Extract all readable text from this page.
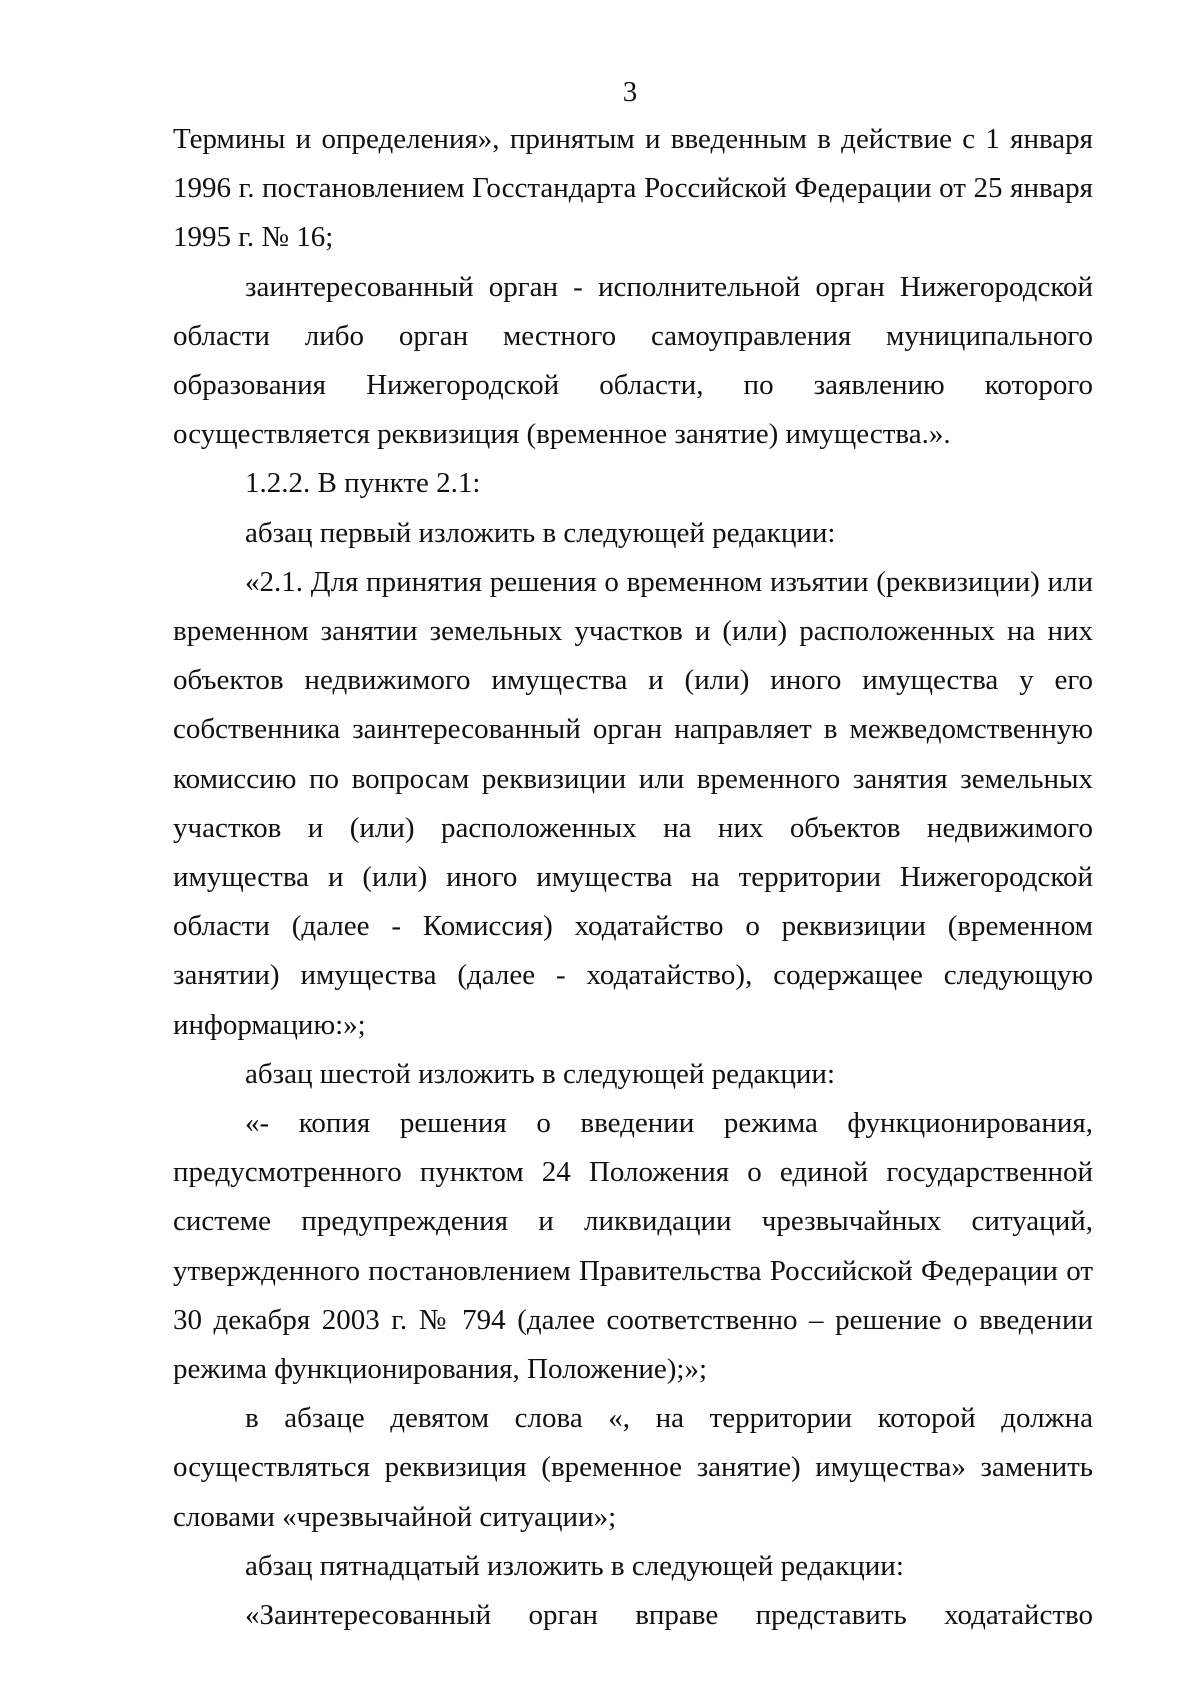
3

Термины и определения», принятым и введенным в действие с 1 января 1996 г. постановлением Госстандарта Российской Федерации от 25 января 1995 г. № 16;

заинтересованный орган - исполнительной орган Нижегородской области либо орган местного самоуправления муниципального образования Нижегородской области, по заявлению которого осуществляется реквизиция (временное занятие) имущества.».

1.2.2. В пункте 2.1:

абзац первый изложить в следующей редакции:

«2.1. Для принятия решения о временном изъятии (реквизиции) или временном занятии земельных участков и (или) расположенных на них объектов недвижимого имущества и (или) иного имущества у его собственника заинтересованный орган направляет в межведомственную комиссию по вопросам реквизиции или временного занятия земельных участков и (или) расположенных на них объектов недвижимого имущества и (или) иного имущества на территории Нижегородской области (далее - Комиссия) ходатайство о реквизиции (временном занятии) имущества (далее - ходатайство), содержащее следующую информацию:»;

абзац шестой изложить в следующей редакции:

«- копия решения о введении режима функционирования, предусмотренного пунктом 24 Положения о единой государственной системе предупреждения и ликвидации чрезвычайных ситуаций, утвержденного постановлением Правительства Российской Федерации от 30 декабря 2003 г. № 794 (далее соответственно – решение о введении режима функционирования, Положение);»;

в абзаце девятом слова «, на территории которой должна осуществляться реквизиция (временное занятие) имущества» заменить словами «чрезвычайной ситуации»;

абзац пятнадцатый изложить в следующей редакции:

«Заинтересованный орган вправе представить ходатайство
